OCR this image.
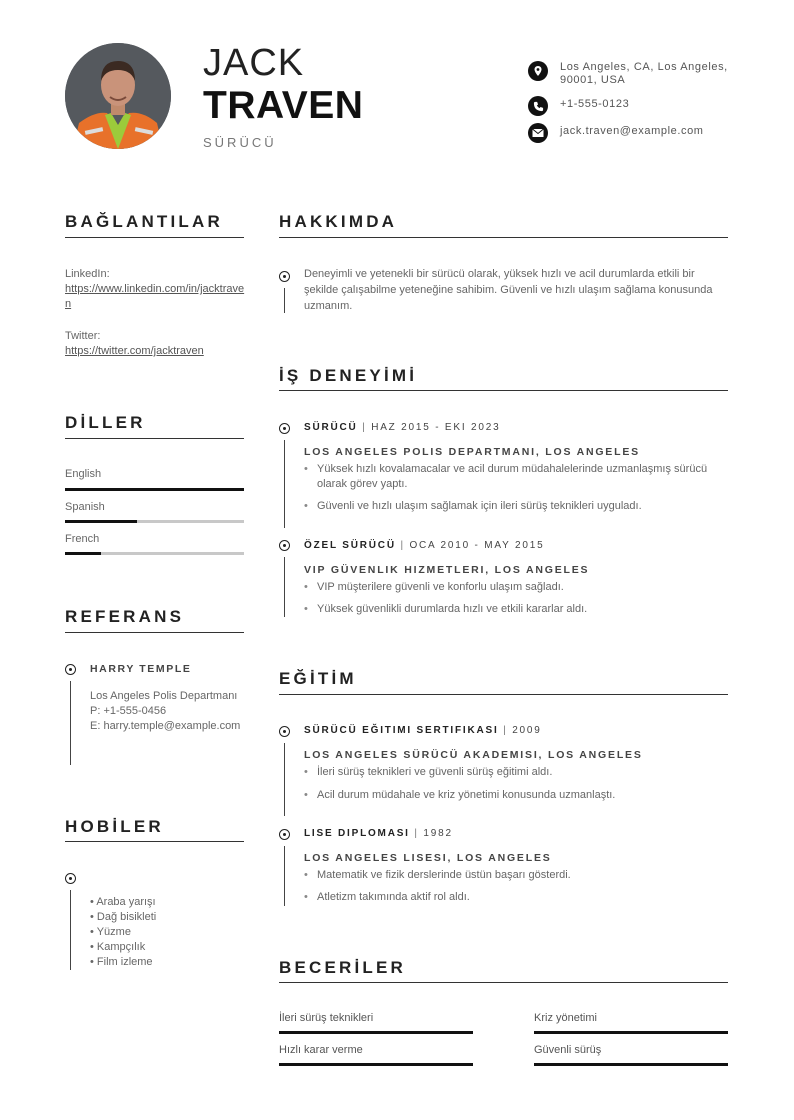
JACK
TRAVEN
SÜRÜCÜ
Los Angeles, CA, Los Angeles, 90001, USA
+1-555-0123
jack.traven@example.com
BAĞLANTILAR
LinkedIn:
https://www.linkedin.com/in/jacktraven
Twitter:
https://twitter.com/jacktraven
DİLLER
English
Spanish
French
REFERANS
HARRY TEMPLE
Los Angeles Polis Departmanı
P: +1-555-0456
E: harry.temple@example.com
HOBİLER
• Araba yarışı
• Dağ bisikleti
• Yüzme
• Kampçılık
• Film izleme
HAKKIMDA
Deneyimli ve yetenekli bir sürücü olarak, yüksek hızlı ve acil durumlarda etkili bir şekilde çalışabilme yeteneğine sahibim. Güvenli ve hızlı ulaşım sağlama konusunda uzmanım.
İŞ DENEYİMİ
SÜRÜCÜ | HAZ 2015 - EKI 2023
LOS ANGELES POLIS DEPARTMANI, LOS ANGELES
• Yüksek hızlı kovalamacalar ve acil durum müdahalelerinde uzmanlaşmış sürücü olarak görev yaptı.
• Güvenli ve hızlı ulaşım sağlamak için ileri sürüş teknikleri uyguladı.
ÖZEL SÜRÜCÜ | OCA 2010 - MAY 2015
VIP GÜVENLIK HIZMETLERI, LOS ANGELES
• VIP müşterilere güvenli ve konforlu ulaşım sağladı.
• Yüksek güvenlikli durumlarda hızlı ve etkili kararlar aldı.
EĞİTİM
SÜRÜCÜ EĞITIMI SERTIFIKASI | 2009
LOS ANGELES SÜRÜCÜ AKADEMISI, LOS ANGELES
• İleri sürüş teknikleri ve güvenli sürüş eğitimi aldı.
• Acil durum müdahale ve kriz yönetimi konusunda uzmanlaştı.
LISE DIPLOMASI | 1982
LOS ANGELES LISESI, LOS ANGELES
• Matematik ve fizik derslerinde üstün başarı gösterdi.
• Atletizm takımında aktif rol aldı.
BECERİLER
İleri sürüş teknikleri	Kriz yönetimi
Hızlı karar verme	Güvenli sürüş
